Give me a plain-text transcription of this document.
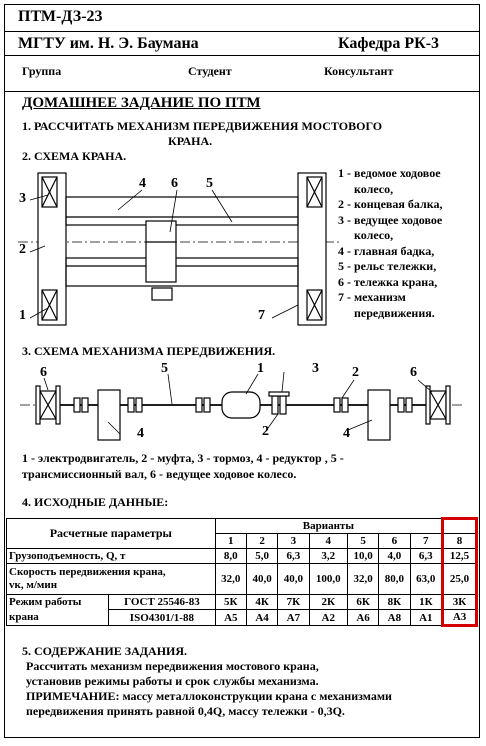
ПТМ-ДЗ-23
МГТУ им. Н. Э. Баумана	Кафедра РК-3
Группа	Студент	Консультант
ДОМАШНЕЕ ЗАДАНИЕ ПО ПТМ
1. РАССЧИТАТЬ МЕХАНИЗМ ПЕРЕДВИЖЕНИЯ МОСТОВОГО
КРАНА.
2. СХЕМА КРАНА.
1
2
3
4 6 5
7
1 - ведомое ходовое
колесо,
2 - концевая балка,
3 - ведущее ходовое
колесо,
4 - главная бадка,
5 - рельс тележки,
6 - тележка крана,
7 - механизм
передвижения.
3. СХЕМА МЕХАНИЗМА ПЕРЕДВИЖЕНИЯ.
6	5	1	3 2	6
4	2	4
1 - электродвигатель, 2 - муфта, 3 - тормоз, 4 - редуктор , 5 -
трансмиссионный вал, 6 - ведущее ходовое колесо.
4. ИСХОДНЫЕ ДАННЫЕ:
Расчетные параметры		Варианты							
		1	2	3	4	5	6	7	8
Грузоподъемность, Q, т		8,0	5,0	6,3	3,2	10,0	4,0	6,3	12,5

Скорость передвижения крана,
vк, м/мин		32,0	40,0	40,0	100,0	32,0	80,0	63,0	25,0
Режим работы	ГОСТ 25546-83	5К	4К	7К	2К	6К	8К	1К	3К
крана	ISO4301/1-88	А5	А4	А7	А2	А6	А8	А1	А3
5. СОДЕРЖАНИЕ ЗАДАНИЯ.
Рассчитать механизм передвижения мостового крана,
установив режимы работы и срок службы механизма.
ПРИМЕЧАНИЕ: массу металлоконструкции крана с механизмами
передвижения принять равной 0,4Q, массу тележки - 0,3Q.
